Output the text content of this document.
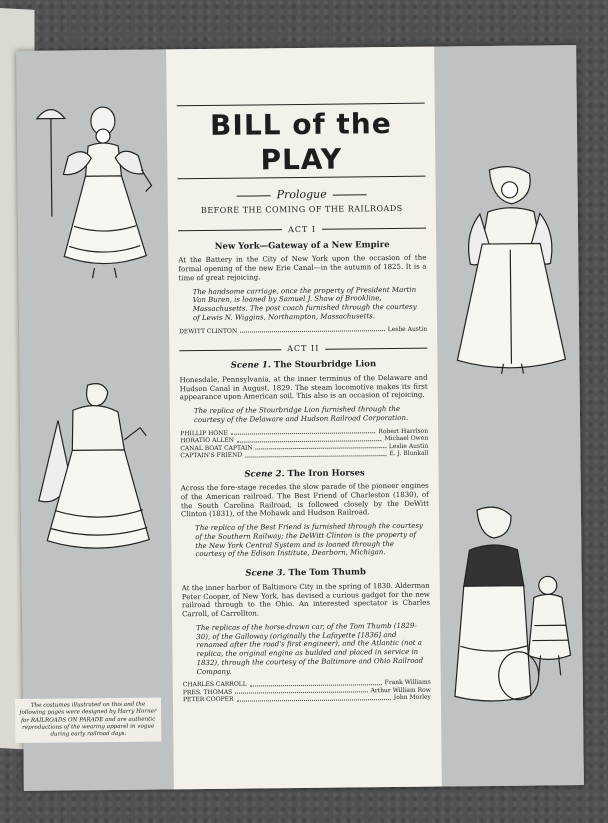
The costumes illustrated on this and the following pages were designed by Harry Horner for RAILROADS ON PARADE and are authentic reproductions of the wearing apparel in vogue during early railroad days.
BILL of the PLAY
Prologue
BEFORE THE COMING OF THE RAILROADS
ACT I
New York—Gateway of a New Empire
At the Battery in the City of New York upon the occasion of the formal opening of the new Erie Canal—in the autumn of 1825. It is a time of great rejoicing.
The handsome carriage, once the property of President Martin Van Buren, is loaned by Samuel J. Shaw of Brookline, Massachusetts. The post coach furnished through the courtesy of Lewis N. Wiggins, Northampton, Massachusetts.
DEWITT CLINTON	Leslie Austin
ACT II
Scene 1. The Stourbridge Lion
Honesdale, Pennsylvania, at the inner terminus of the Delaware and Hudson Canal in August, 1829. The steam locomotive makes its first appearance upon American soil. This also is an occasion of rejoicing.
The replica of the Stourbridge Lion furnished through the courtesy of the Delaware and Hudson Railroad Corporation.
PHILLIP HONE	Robert Harrison
HORATIO ALLEN	Michael Owen
CANAL BOAT CAPTAIN	Leslie Austin
CAPTAIN'S FRIEND	E. J. Blunkall
Scene 2. The Iron Horses
Across the fore-stage recedes the slow parade of the pioneer engines of the American railroad. The Best Friend of Charleston (1830), of the South Carolina Railroad, is followed closely by the DeWitt Clinton (1831), of the Mohawk and Hudson Railroad.
The replica of the Best Friend is furnished through the courtesy of the Southern Railway; the DeWitt Clinton is the property of the New York Central System and is loaned through the courtesy of the Edison Institute, Dearborn, Michigan.
Scene 3. The Tom Thumb
At the inner harbor of Baltimore City in the spring of 1830. Alderman Peter Cooper, of New York, has devised a curious gadget for the new railroad through to the Ohio. An interested spectator is Charles Carroll, of Carrollton.
The replicas of the horse-drawn car, of the Tom Thumb (1829-30), of the Galloway (originally the Lafayette [1836] and renamed after the road's first engineer), and the Atlantic (not a replica, the original engine as builded and placed in service in 1832), through the courtesy of the Baltimore and Ohio Railroad Company.
CHARLES CARROLL	Frank Williams
PRES. THOMAS	Arthur William Row
PETER COOPER	John Morley
